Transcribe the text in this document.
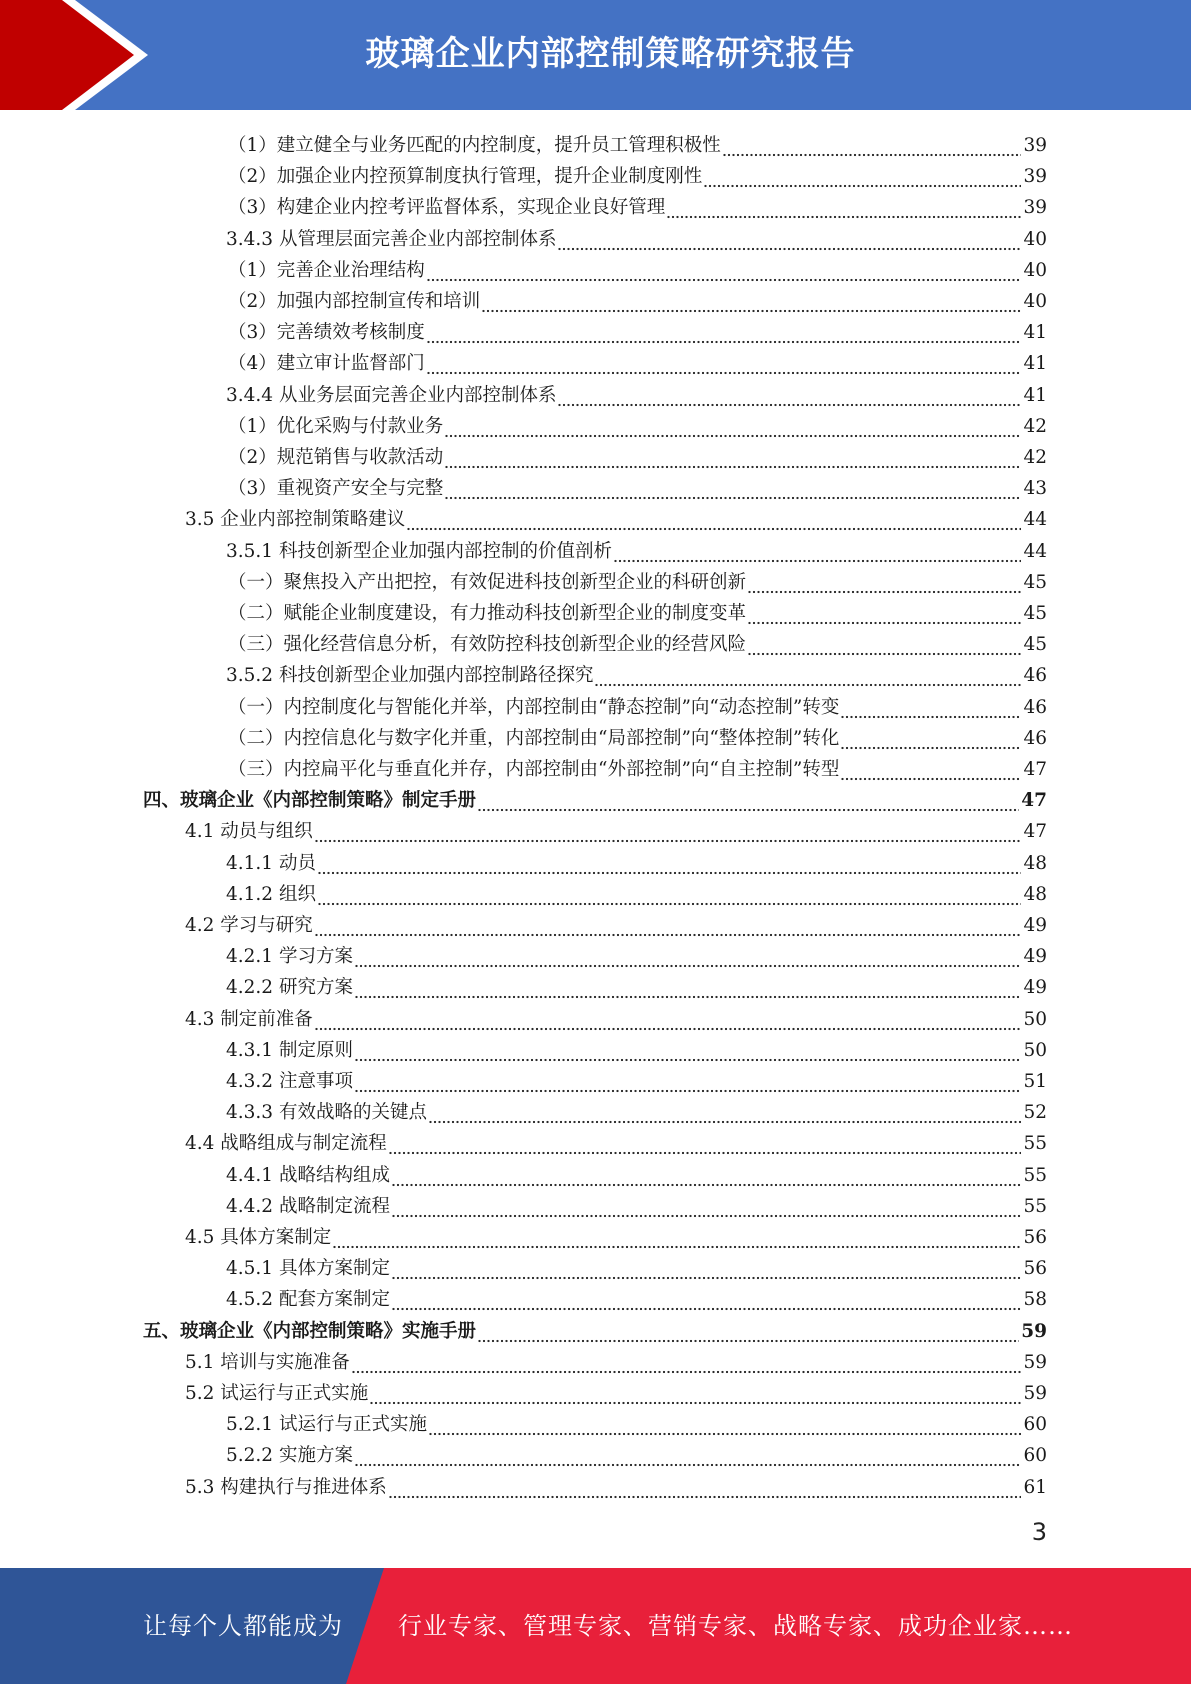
玻璃企业内部控制策略研究报告
（1）建立健全与业务匹配的内控制度，提升员工管理积极性	39
（2）加强企业内控预算制度执行管理，提升企业制度刚性	39
（3）构建企业内控考评监督体系，实现企业良好管理	39
3.4.3 从管理层面完善企业内部控制体系	40
（1）完善企业治理结构	40
（2）加强内部控制宣传和培训	40
（3）完善绩效考核制度	41
（4）建立审计监督部门	41
3.4.4 从业务层面完善企业内部控制体系	41
（1）优化采购与付款业务	42
（2）规范销售与收款活动	42
（3）重视资产安全与完整	43
3.5 企业内部控制策略建议	44
3.5.1 科技创新型企业加强内部控制的价值剖析	44
（一）聚焦投入产出把控，有效促进科技创新型企业的科研创新	45
（二）赋能企业制度建设，有力推动科技创新型企业的制度变革	45
（三）强化经营信息分析，有效防控科技创新型企业的经营风险	45
3.5.2 科技创新型企业加强内部控制路径探究	46
（一）内控制度化与智能化并举，内部控制由“静态控制”向“动态控制”转变	46
（二）内控信息化与数字化并重，内部控制由“局部控制”向“整体控制”转化	46
（三）内控扁平化与垂直化并存，内部控制由“外部控制”向“自主控制”转型	47
四、玻璃企业《内部控制策略》制定手册	47
4.1 动员与组织	47
4.1.1 动员	48
4.1.2 组织	48
4.2 学习与研究	49
4.2.1 学习方案	49
4.2.2 研究方案	49
4.3 制定前准备	50
4.3.1 制定原则	50
4.3.2 注意事项	51
4.3.3 有效战略的关键点	52
4.4 战略组成与制定流程	55
4.4.1 战略结构组成	55
4.4.2 战略制定流程	55
4.5 具体方案制定	56
4.5.1 具体方案制定	56
4.5.2 配套方案制定	58
五、玻璃企业《内部控制策略》实施手册	59
5.1 培训与实施准备	59
5.2 试运行与正式实施	59
5.2.1 试运行与正式实施	60
5.2.2 实施方案	60
5.3 构建执行与推进体系	61
3
让每个人都能成为 行业专家、管理专家、营销专家、战略专家、成功企业家……
